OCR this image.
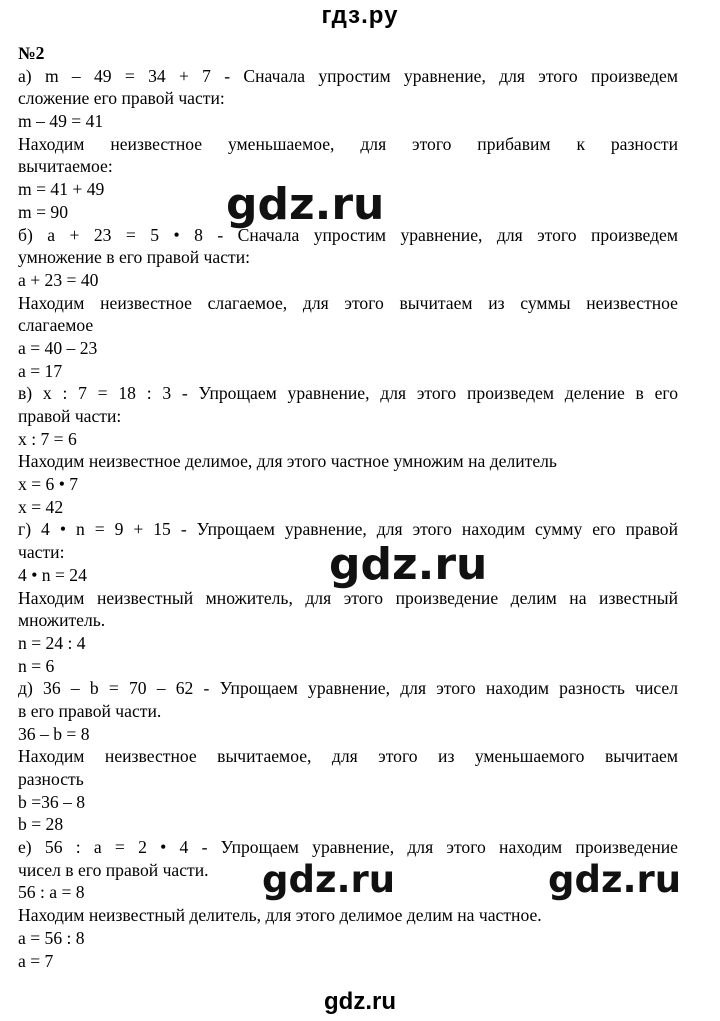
гдз.ру
№2
а) m – 49 = 34 + 7 - Сначала упростим уравнение, для этого произведем
сложение его правой части:
m – 49 = 41
Находим неизвестное уменьшаемое, для этого прибавим к разности
вычитаемое:
m = 41 + 49
m = 90
б) а + 23 = 5 • 8 - Сначала упростим уравнение, для этого произведем
умножение в его правой части:
а + 23 = 40
Находим неизвестное слагаемое, для этого вычитаем из суммы неизвестное
слагаемое
а = 40 – 23
а = 17
в) х : 7 = 18 : 3 - Упрощаем уравнение, для этого произведем деление в его
правой части:
х : 7 = 6
Находим неизвестное делимое, для этого частное умножим на делитель
х = 6 • 7
х = 42
г) 4 • n = 9 + 15 - Упрощаем уравнение, для этого находим сумму его правой
части:
4 • n = 24
Находим неизвестный множитель, для этого произведение делим на известный
множитель.
n = 24 : 4
n = 6
д) 36 – b = 70 – 62 - Упрощаем уравнение, для этого находим разность чисел
в его правой части.
36 – b = 8
Находим неизвестное вычитаемое, для этого из уменьшаемого вычитаем
разность
b =36 – 8
b = 28
е) 56 : а = 2 • 4 - Упрощаем уравнение, для этого находим произведение
чисел в его правой части.
56 : а = 8
Находим неизвестный делитель, для этого делимое делим на частное.
а = 56 : 8
а = 7
gdz.ru
gdz.ru
gdz.ru	gdz.ru
gdz.ru
